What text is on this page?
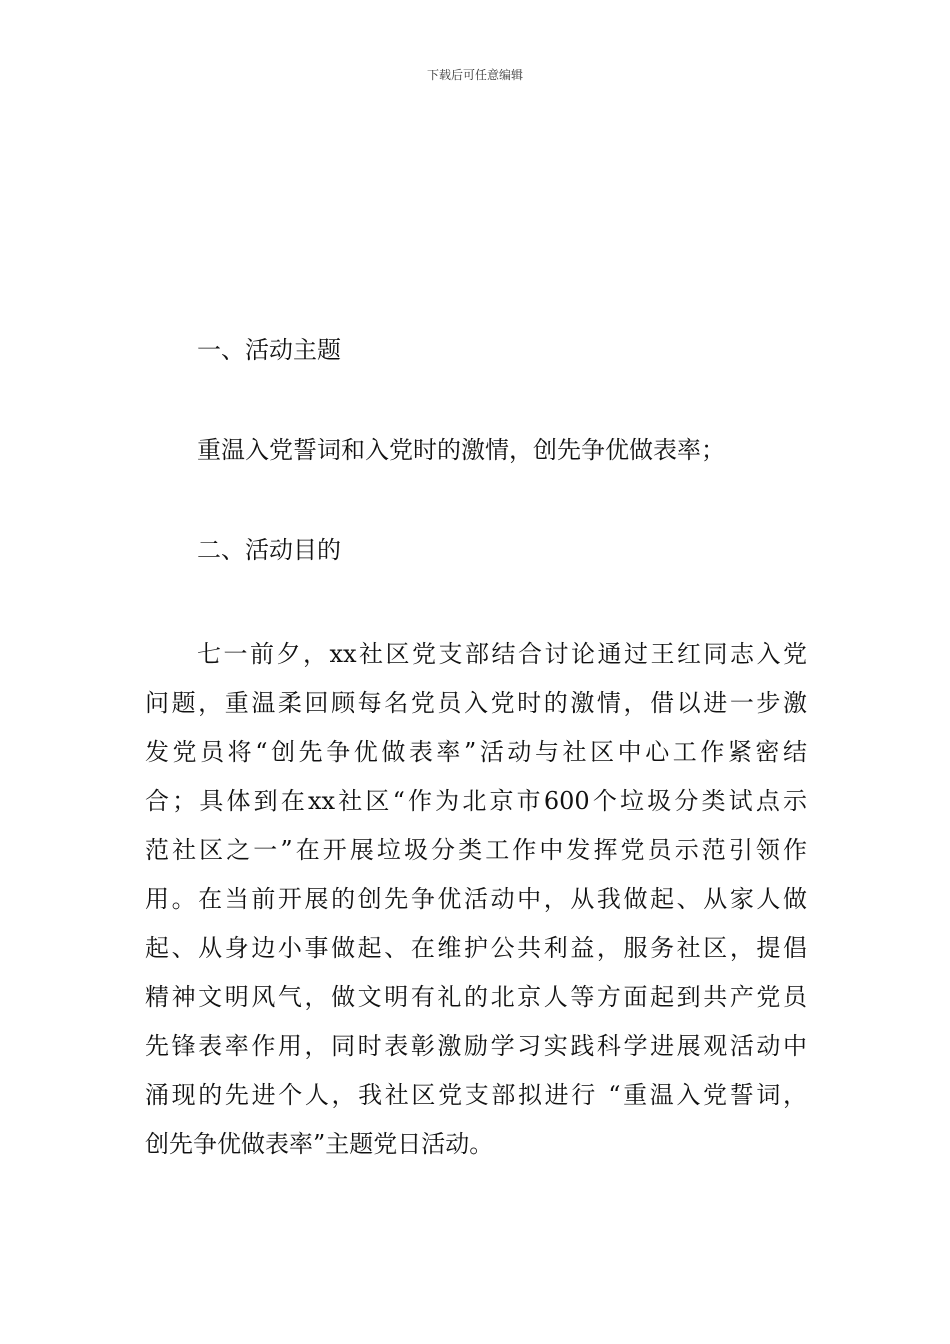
下载后可任意编辑

一、活动主题

重温入党誓词和入党时的激情，创先争优做表率；

二、活动目的

七一前夕，xx社区党支部结合讨论通过王红同志入党
问题，重温柔回顾每名党员入党时的激情，借以进一步激
发党员将“创先争优做表率”活动与社区中心工作紧密结
合；具体到在xx社区“作为北京市600个垃圾分类试点示
范社区之一”在开展垃圾分类工作中发挥党员示范引领作
用。在当前开展的创先争优活动中，从我做起、从家人做
起、从身边小事做起、在维护公共利益，服务社区，提倡
精神文明风气，做文明有礼的北京人等方面起到共产党员
先锋表率作用，同时表彰激励学习实践科学进展观活动中
涌现的先进个人，我社区党支部拟进行 “重温入党誓词，
创先争优做表率”主题党日活动。
